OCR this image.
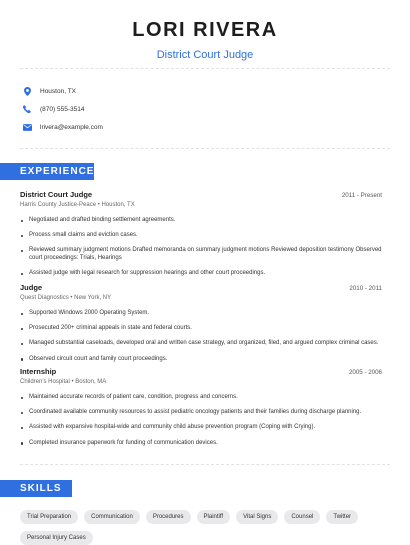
LORI RIVERA
District Court Judge
Houston, TX
(870) 555-3514
lrivera@example.com
EXPERIENCE
District Court Judge	2011 - Present
Harris County Justice-Peace • Houston, TX
Negotiated and drafted binding settlement agreements.
Process small claims and eviction cases.
Reviewed summary judgment motions Drafted memoranda on summary judgment motions Reviewed deposition testimony Observed court proceedings: Trials, Hearings
Assisted judge with legal research for suppression hearings and other court proceedings.
Judge	2010 - 2011
Quest Diagnostics • New York, NY
Supported Windows 2000 Operating System.
Prosecuted 200+ criminal appeals in state and federal courts.
Managed substantial caseloads, developed oral and written case strategy, and organized, filed, and argued complex criminal cases.
Observed circuit court and family court proceedings.
Internship	2005 - 2006
Children's Hospital • Boston, MA
Maintained accurate records of patient care, condition, progress and concerns.
Coordinated available community resources to assist pediatric oncology patients and their families during discharge planning.
Assisted with expansive hospital-wide and community child abuse prevention program (Coping with Crying).
Completed insurance paperwork for funding of communication devices.
SKILLS
Trial Preparation	Communication	Procedures	Plaintiff	Vital Signs	Counsel	Twitter
Personal Injury Cases
